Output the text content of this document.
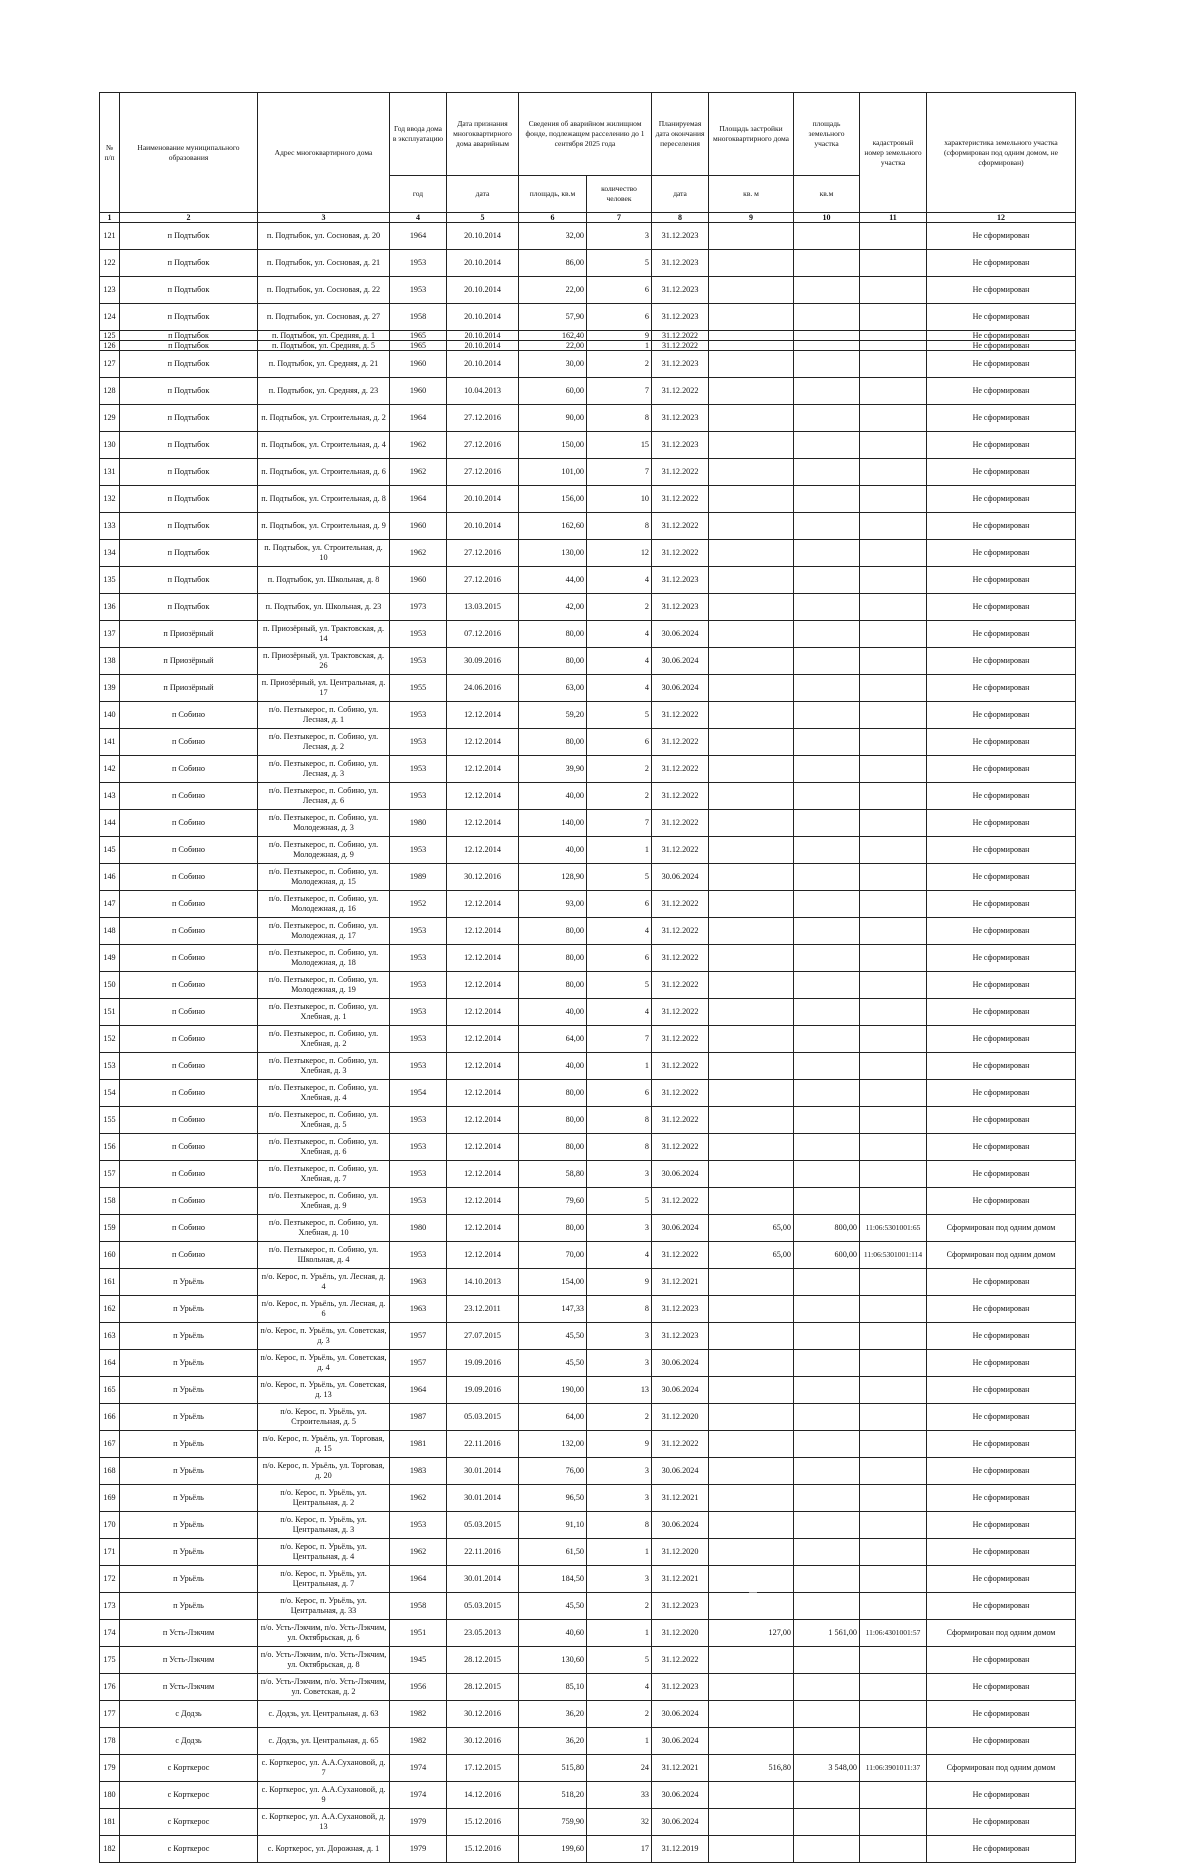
№ п/п	Наименование муниципального образования	Адрес многоквартирного дома	Год ввода дома в эксплуатацию	Дата признания многоквартирного дома аварийным	Сведения об аварийном жилищном фонде, подлежащем расселению до 1 сентября 2025 года		Планируемая дата окончания переселения	Площадь застройки многоквартирного дома	площадь земельного участка	кадастровый номер земельного участка	характеристика земельного участка (сформирован под одним домом, не сформирован)
			год	дата	площадь, кв.м	количество человек	дата	кв. м	кв.м		
1	2	3	4	5	6	7	8	9	10	11	12
121	п Подтыбок	п. Подтыбок, ул. Сосновая, д. 20	1964	20.10.2014	32,00	3	31.12.2023				Не сформирован
122	п Подтыбок	п. Подтыбок, ул. Сосновая, д. 21	1953	20.10.2014	86,00	5	31.12.2023				Не сформирован
123	п Подтыбок	п. Подтыбок, ул. Сосновая, д. 22	1953	20.10.2014	22,00	6	31.12.2023				Не сформирован
124	п Подтыбок	п. Подтыбок, ул. Сосновая, д. 27	1958	20.10.2014	57,90	6	31.12.2023				Не сформирован
125	п Подтыбок	п. Подтыбок, ул. Средняя, д. 1	1965	20.10.2014	162,40	9	31.12.2022				Не сформирован
126	п Подтыбок	п. Подтыбок, ул. Средняя, д. 5	1965	20.10.2014	22,00	1	31.12.2022				Не сформирован
127	п Подтыбок	п. Подтыбок, ул. Средняя, д. 21	1960	20.10.2014	30,00	2	31.12.2023				Не сформирован
128	п Подтыбок	п. Подтыбок, ул. Средняя, д. 23	1960	10.04.2013	60,00	7	31.12.2022				Не сформирован
129	п Подтыбок	п. Подтыбок, ул. Строительная, д. 2	1964	27.12.2016	90,00	8	31.12.2023				Не сформирован
130	п Подтыбок	п. Подтыбок, ул. Строительная, д. 4	1962	27.12.2016	150,00	15	31.12.2023				Не сформирован
131	п Подтыбок	п. Подтыбок, ул. Строительная, д. 6	1962	27.12.2016	101,00	7	31.12.2022				Не сформирован
132	п Подтыбок	п. Подтыбок, ул. Строительная, д. 8	1964	20.10.2014	156,00	10	31.12.2022				Не сформирован
133	п Подтыбок	п. Подтыбок, ул. Строительная, д. 9	1960	20.10.2014	162,60	8	31.12.2022				Не сформирован
134	п Подтыбок	п. Подтыбок, ул. Строительная, д. 10	1962	27.12.2016	130,00	12	31.12.2022				Не сформирован
135	п Подтыбок	п. Подтыбок, ул. Школьная, д. 8	1960	27.12.2016	44,00	4	31.12.2023				Не сформирован
136	п Подтыбок	п. Подтыбок, ул. Школьная, д. 23	1973	13.03.2015	42,00	2	31.12.2023				Не сформирован
137	п Приозёрный	п. Приозёрный, ул. Трактовская, д. 14	1953	07.12.2016	80,00	4	30.06.2024				Не сформирован
138	п Приозёрный	п. Приозёрный, ул. Трактовская, д. 26	1953	30.09.2016	80,00	4	30.06.2024				Не сформирован
139	п Приозёрный	п. Приозёрный, ул. Центральная, д. 17	1955	24.06.2016	63,00	4	30.06.2024				Не сформирован
140	п Собино	п/о. Пезтыкерос, п. Собино, ул. Лесная, д. 1	1953	12.12.2014	59,20	5	31.12.2022				Не сформирован
141	п Собино	п/о. Пезтыкерос, п. Собино, ул. Лесная, д. 2	1953	12.12.2014	80,00	6	31.12.2022				Не сформирован
142	п Собино	п/о. Пезтыкерос, п. Собино, ул. Лесная, д. 3	1953	12.12.2014	39,90	2	31.12.2022				Не сформирован
143	п Собино	п/о. Пезтыкерос, п. Собино, ул. Лесная, д. 6	1953	12.12.2014	40,00	2	31.12.2022				Не сформирован
144	п Собино	п/о. Пезтыкерос, п. Собино, ул. Молодежная, д. 3	1980	12.12.2014	140,00	7	31.12.2022				Не сформирован
145	п Собино	п/о. Пезтыкерос, п. Собино, ул. Молодежная, д. 9	1953	12.12.2014	40,00	1	31.12.2022				Не сформирован
146	п Собино	п/о. Пезтыкерос, п. Собино, ул. Молодежная, д. 15	1989	30.12.2016	128,90	5	30.06.2024				Не сформирован
147	п Собино	п/о. Пезтыкерос, п. Собино, ул. Молодежная, д. 16	1952	12.12.2014	93,00	6	31.12.2022				Не сформирован
148	п Собино	п/о. Пезтыкерос, п. Собино, ул. Молодежная, д. 17	1953	12.12.2014	80,00	4	31.12.2022				Не сформирован
149	п Собино	п/о. Пезтыкерос, п. Собино, ул. Молодежная, д. 18	1953	12.12.2014	80,00	6	31.12.2022				Не сформирован
150	п Собино	п/о. Пезтыкерос, п. Собино, ул. Молодежная, д. 19	1953	12.12.2014	80,00	5	31.12.2022				Не сформирован
151	п Собино	п/о. Пезтыкерос, п. Собино, ул. Хлебная, д. 1	1953	12.12.2014	40,00	4	31.12.2022				Не сформирован
152	п Собино	п/о. Пезтыкерос, п. Собино, ул. Хлебная, д. 2	1953	12.12.2014	64,00	7	31.12.2022				Не сформирован
153	п Собино	п/о. Пезтыкерос, п. Собино, ул. Хлебная, д. 3	1953	12.12.2014	40,00	1	31.12.2022				Не сформирован
154	п Собино	п/о. Пезтыкерос, п. Собино, ул. Хлебная, д. 4	1954	12.12.2014	80,00	6	31.12.2022				Не сформирован
155	п Собино	п/о. Пезтыкерос, п. Собино, ул. Хлебная, д. 5	1953	12.12.2014	80,00	8	31.12.2022				Не сформирован
156	п Собино	п/о. Пезтыкерос, п. Собино, ул. Хлебная, д. 6	1953	12.12.2014	80,00	8	31.12.2022				Не сформирован
157	п Собино	п/о. Пезтыкерос, п. Собино, ул. Хлебная, д. 7	1953	12.12.2014	58,80	3	30.06.2024				Не сформирован
158	п Собино	п/о. Пезтыкерос, п. Собино, ул. Хлебная, д. 9	1953	12.12.2014	79,60	5	31.12.2022				Не сформирован
159	п Собино	п/о. Пезтыкерос, п. Собино, ул. Хлебная, д. 10	1980	12.12.2014	80,00	3	30.06.2024	65,00	800,00	11:06:5301001:65	Сформирован под одним домом
160	п Собино	п/о. Пезтыкерос, п. Собино, ул. Школьная, д. 4	1953	12.12.2014	70,00	4	31.12.2022	65,00	600,00	11:06:5301001:114	Сформирован под одним домом
161	п Урьёль	п/о. Керос, п. Урьёль, ул. Лесная, д. 4	1963	14.10.2013	154,00	9	31.12.2021				Не сформирован
162	п Урьёль	п/о. Керос, п. Урьёль, ул. Лесная, д. 6	1963	23.12.2011	147,33	8	31.12.2023				Не сформирован
163	п Урьёль	п/о. Керос, п. Урьёль, ул. Советская, д. 3	1957	27.07.2015	45,50	3	31.12.2023				Не сформирован
164	п Урьёль	п/о. Керос, п. Урьёль, ул. Советская, д. 4	1957	19.09.2016	45,50	3	30.06.2024				Не сформирован
165	п Урьёль	п/о. Керос, п. Урьёль, ул. Советская, д. 13	1964	19.09.2016	190,00	13	30.06.2024				Не сформирован
166	п Урьёль	п/о. Керос, п. Урьёль, ул. Строительная, д. 5	1987	05.03.2015	64,00	2	31.12.2020				Не сформирован
167	п Урьёль	п/о. Керос, п. Урьёль, ул. Торговая, д. 15	1981	22.11.2016	132,00	9	31.12.2022				Не сформирован
168	п Урьёль	п/о. Керос, п. Урьёль, ул. Торговая, д. 20	1983	30.01.2014	76,00	3	30.06.2024				Не сформирован
169	п Урьёль	п/о. Керос, п. Урьёль, ул. Центральная, д. 2	1962	30.01.2014	96,50	3	31.12.2021				Не сформирован
170	п Урьёль	п/о. Керос, п. Урьёль, ул. Центральная, д. 3	1953	05.03.2015	91,10	8	30.06.2024				Не сформирован
171	п Урьёль	п/о. Керос, п. Урьёль, ул. Центральная, д. 4	1962	22.11.2016	61,50	1	31.12.2020				Не сформирован
172	п Урьёль	п/о. Керос, п. Урьёль, ул. Центральная, д. 7	1964	30.01.2014	184,50	3	31.12.2021				Не сформирован
173	п Урьёль	п/о. Керос, п. Урьёль, ул. Центральная, д. 33	1958	05.03.2015	45,50	2	31.12.2023				Не сформирован
174	п Усть-Лэкчим	п/о. Усть-Лэкчим, п/о. Усть-Лэкчим, ул. Октябрьская, д. 6	1951	23.05.2013	40,60	1	31.12.2020	127,00	1 561,00	11:06:4301001:57	Сформирован под одним домом
175	п Усть-Лэкчим	п/о. Усть-Лэкчим, п/о. Усть-Лэкчим, ул. Октябрьская, д. 8	1945	28.12.2015	130,60	5	31.12.2022				Не сформирован
176	п Усть-Лэкчим	п/о. Усть-Лэкчим, п/о. Усть-Лэкчим, ул. Советская, д. 2	1956	28.12.2015	85,10	4	31.12.2023				Не сформирован
177	с Додзь	с. Додзь, ул. Центральная, д. 63	1982	30.12.2016	36,20	2	30.06.2024				Не сформирован
178	с Додзь	с. Додзь, ул. Центральная, д. 65	1982	30.12.2016	36,20	1	30.06.2024				Не сформирован
179	с Корткерос	с. Корткерос, ул. А.А.Сухановой, д. 7	1974	17.12.2015	515,80	24	31.12.2021	516,80	3 548,00	11:06:3901011:37	Сформирован под одним домом
180	с Корткерос	с. Корткерос, ул. А.А.Сухановой, д. 9	1974	14.12.2016	518,20	33	30.06.2024				Не сформирован
181	с Корткерос	с. Корткерос, ул. А.А.Сухановой, д. 13	1979	15.12.2016	759,90	32	30.06.2024				Не сформирован
182	с Корткерос	с. Корткерос, ул. Дорожная, д. 1	1979	15.12.2016	199,60	17	31.12.2019				Не сформирован
